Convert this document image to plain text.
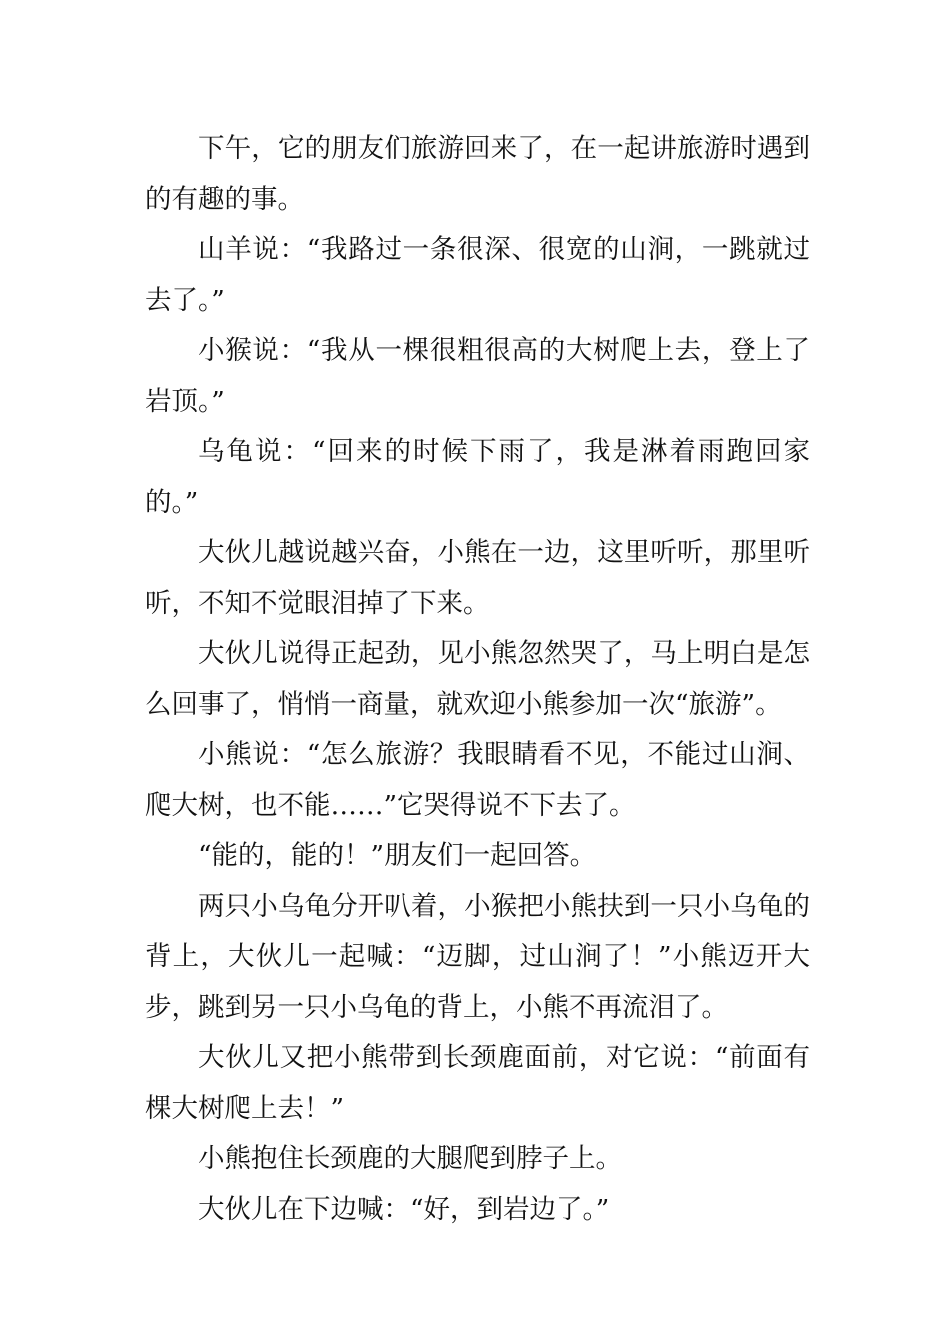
下午，它的朋友们旅游回来了，在一起讲旅游时遇到的有趣的事。

山羊说：“我路过一条很深、很宽的山涧，一跳就过去了。”

小猴说：“我从一棵很粗很高的大树爬上去，登上了岩顶。”

乌龟说：“回来的时候下雨了，我是淋着雨跑回家的。”

大伙儿越说越兴奋，小熊在一边，这里听听，那里听听，不知不觉眼泪掉了下来。

大伙儿说得正起劲，见小熊忽然哭了，马上明白是怎么回事了，悄悄一商量，就欢迎小熊参加一次“旅游”。

小熊说：“怎么旅游？我眼睛看不见，不能过山涧、爬大树，也不能……”它哭得说不下去了。

“能的，能的！”朋友们一起回答。

两只小乌龟分开叭着，小猴把小熊扶到一只小乌龟的背上，大伙儿一起喊：“迈脚，过山涧了！”小熊迈开大步，跳到另一只小乌龟的背上，小熊不再流泪了。

大伙儿又把小熊带到长颈鹿面前，对它说：“前面有棵大树爬上去！”

小熊抱住长颈鹿的大腿爬到脖子上。

大伙儿在下边喊：“好，到岩边了。”
